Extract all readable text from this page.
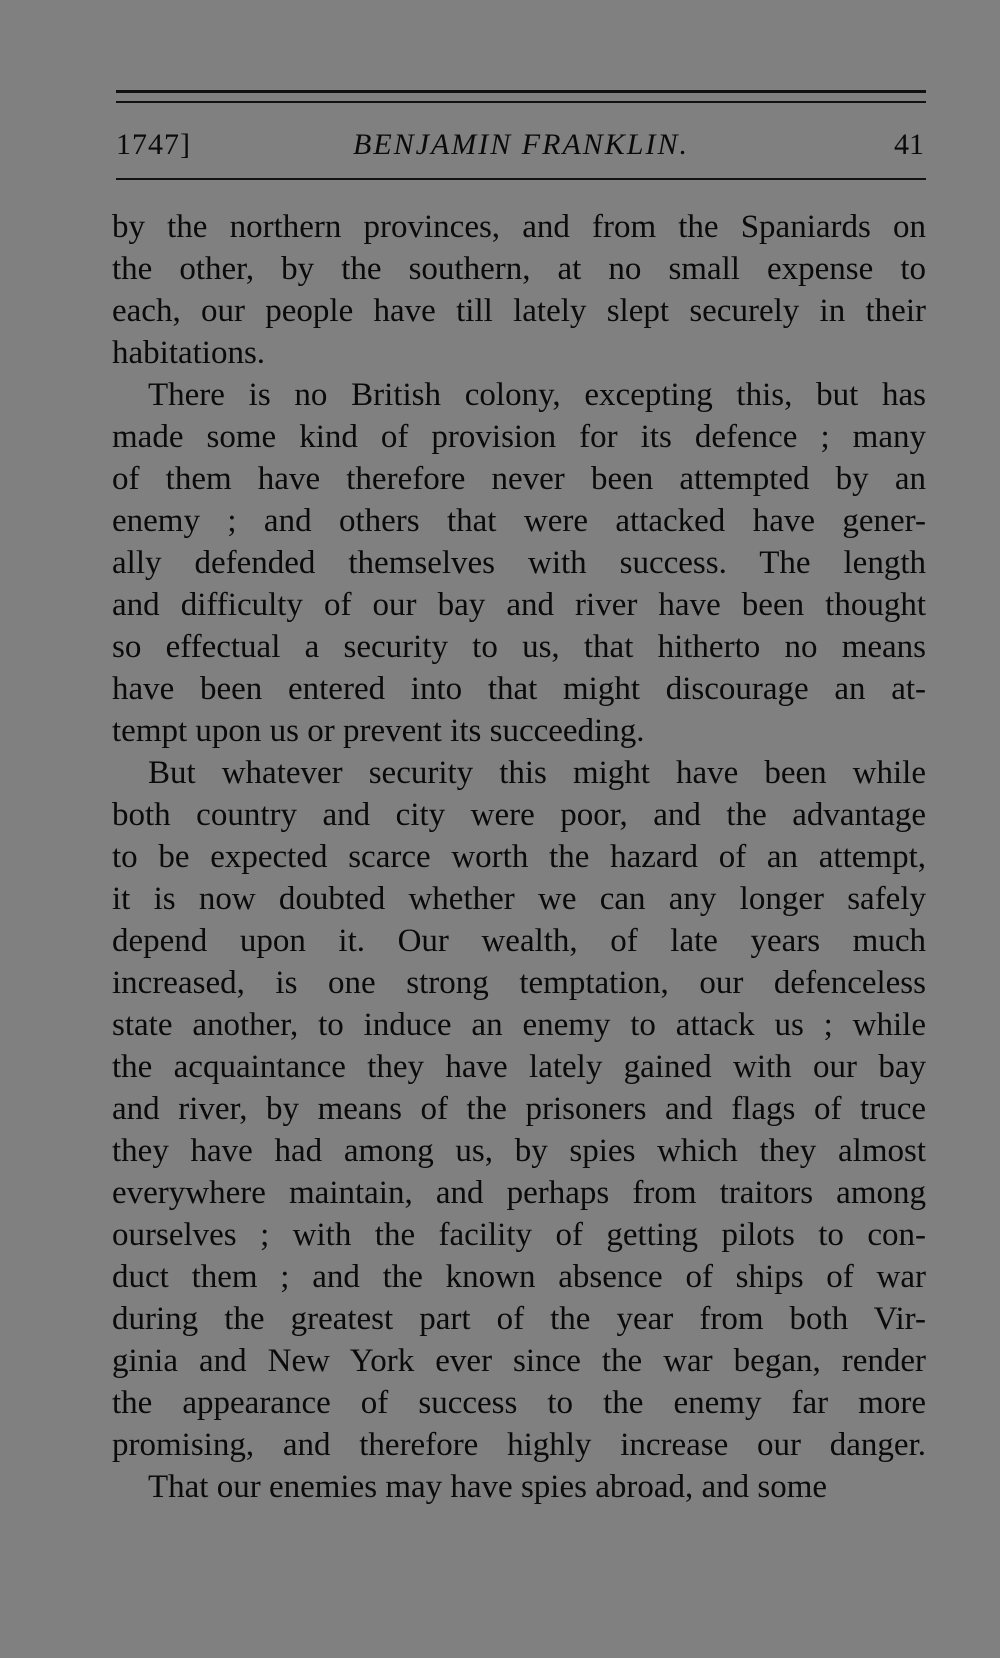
1747]	BENJAMIN FRANKLIN.	41
by the northern provinces, and from the Spaniards on
the other, by the southern, at no small expense to
each, our people have till lately slept securely in their
habitations.
There is no British colony, excepting this, but has
made some kind of provision for its defence ; many
of them have therefore never been attempted by an
enemy ; and others that were attacked have gener-
ally defended themselves with success. The length
and difficulty of our bay and river have been thought
so effectual a security to us, that hitherto no means
have been entered into that might discourage an at-
tempt upon us or prevent its succeeding.
But whatever security this might have been while
both country and city were poor, and the advantage
to be expected scarce worth the hazard of an attempt,
it is now doubted whether we can any longer safely
depend upon it. Our wealth, of late years much
increased, is one strong temptation, our defenceless
state another, to induce an enemy to attack us ; while
the acquaintance they have lately gained with our bay
and river, by means of the prisoners and flags of truce
they have had among us, by spies which they almost
everywhere maintain, and perhaps from traitors among
ourselves ; with the facility of getting pilots to con-
duct them ; and the known absence of ships of war
during the greatest part of the year from both Vir-
ginia and New York ever since the war began, render
the appearance of success to the enemy far more
promising, and therefore highly increase our danger.
That our enemies may have spies abroad, and some
